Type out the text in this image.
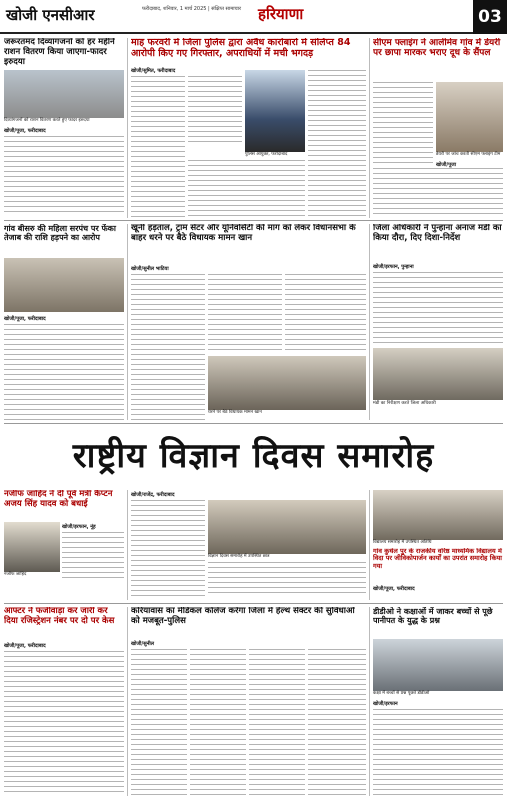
खोजी एनसीआर	फरीदाबाद, शनिवार, 1 मार्च 2025 | संक्षिप्त सामाचार	हरियाणा	03
जरूरतमंद दिव्यांगजनों को हर महीने राशन वितरण किया जाएगा-फादर इरुदया
दिव्यांगजनों को राशन वितरण करते हुए फादर इरुदया
खोजी/पूजा, फरीदाबाद
माह फरवरी में जिला पुलिस द्वारा अवैध कारोबारों में संलिप्त 84 आरोपी किए गए गिरफ्तार, अपराधियों में मची भगदड़
खोजी/सुमित, फरीदाबाद
पुलिस आयुक्त, फरीदाबाद
सीएम फ्लाइंग ने आलीमेव गांव में डेयरी पर छापा मारकर भराए दूध के सैंपल
डेयरी पर जांच करती सीएम फ्लाइंग टीम
खोजी/पूजा
गांव बीसरु की महिला सरपंच पर फेंका तेजाब की राशि हड़पने का आरोप
खोजी/पूजा, फरीदाबाद
खूनी हड़ताल, ट्राम सेंटर और यूनिवर्सिटी की मांग को लेकर विधानसभा के बाहर धरने पर बैठे विधायक मामन खान
खोजी/सुनील भाटिया
धरने पर बैठे विधायक मामन खान
जिला अधिकारी ने पुन्हाना अनाज मंडी का किया दौरा, दिए दिशा-निर्देश
खोजी/इरफान, पुन्हाना
मंडी का निरीक्षण करते जिला अधिकारी
राष्ट्रीय विज्ञान दिवस समारोह
नजीफ जाहिद ने दी पूर्व मंत्री कैप्टन अजय सिंह यादव को बधाई
नजीफ जाहिद
खोजी/इरफान, नूंह
खोजी/राजेंद्र, फरीदाबाद
विज्ञान दिवस समारोह में उपस्थित छात्र
विद्यालय समारोह में उपस्थित अतिथि
गांव कुर्थल पुर के राजकीय वरिष्ठ माध्यमिक विद्यालय में विदा पर जीविकोपार्जन कार्यों का उपरांत समारोह किया गया
खोजी/पूजा, फरीदाबाद
आफ्टर ने फर्जीवाड़ा कर जारी कर दिया रजिस्ट्रेशन नंबर पर दो पर केस
खोजी/पूजा, फरीदाबाद
करियावास का मेडिकल कॉलेज करेगा जिला में हेल्थ सेक्टर की सुविधाओं को मजबूत-पुलिस
खोजी/सुनील
डीडीओ ने कक्षाओं में जाकर बच्चों से पूछे पानीपत के युद्ध के प्रश्न
कक्षा में बच्चों से प्रश्न पूछते डीडीओ
खोजी/इरफान
